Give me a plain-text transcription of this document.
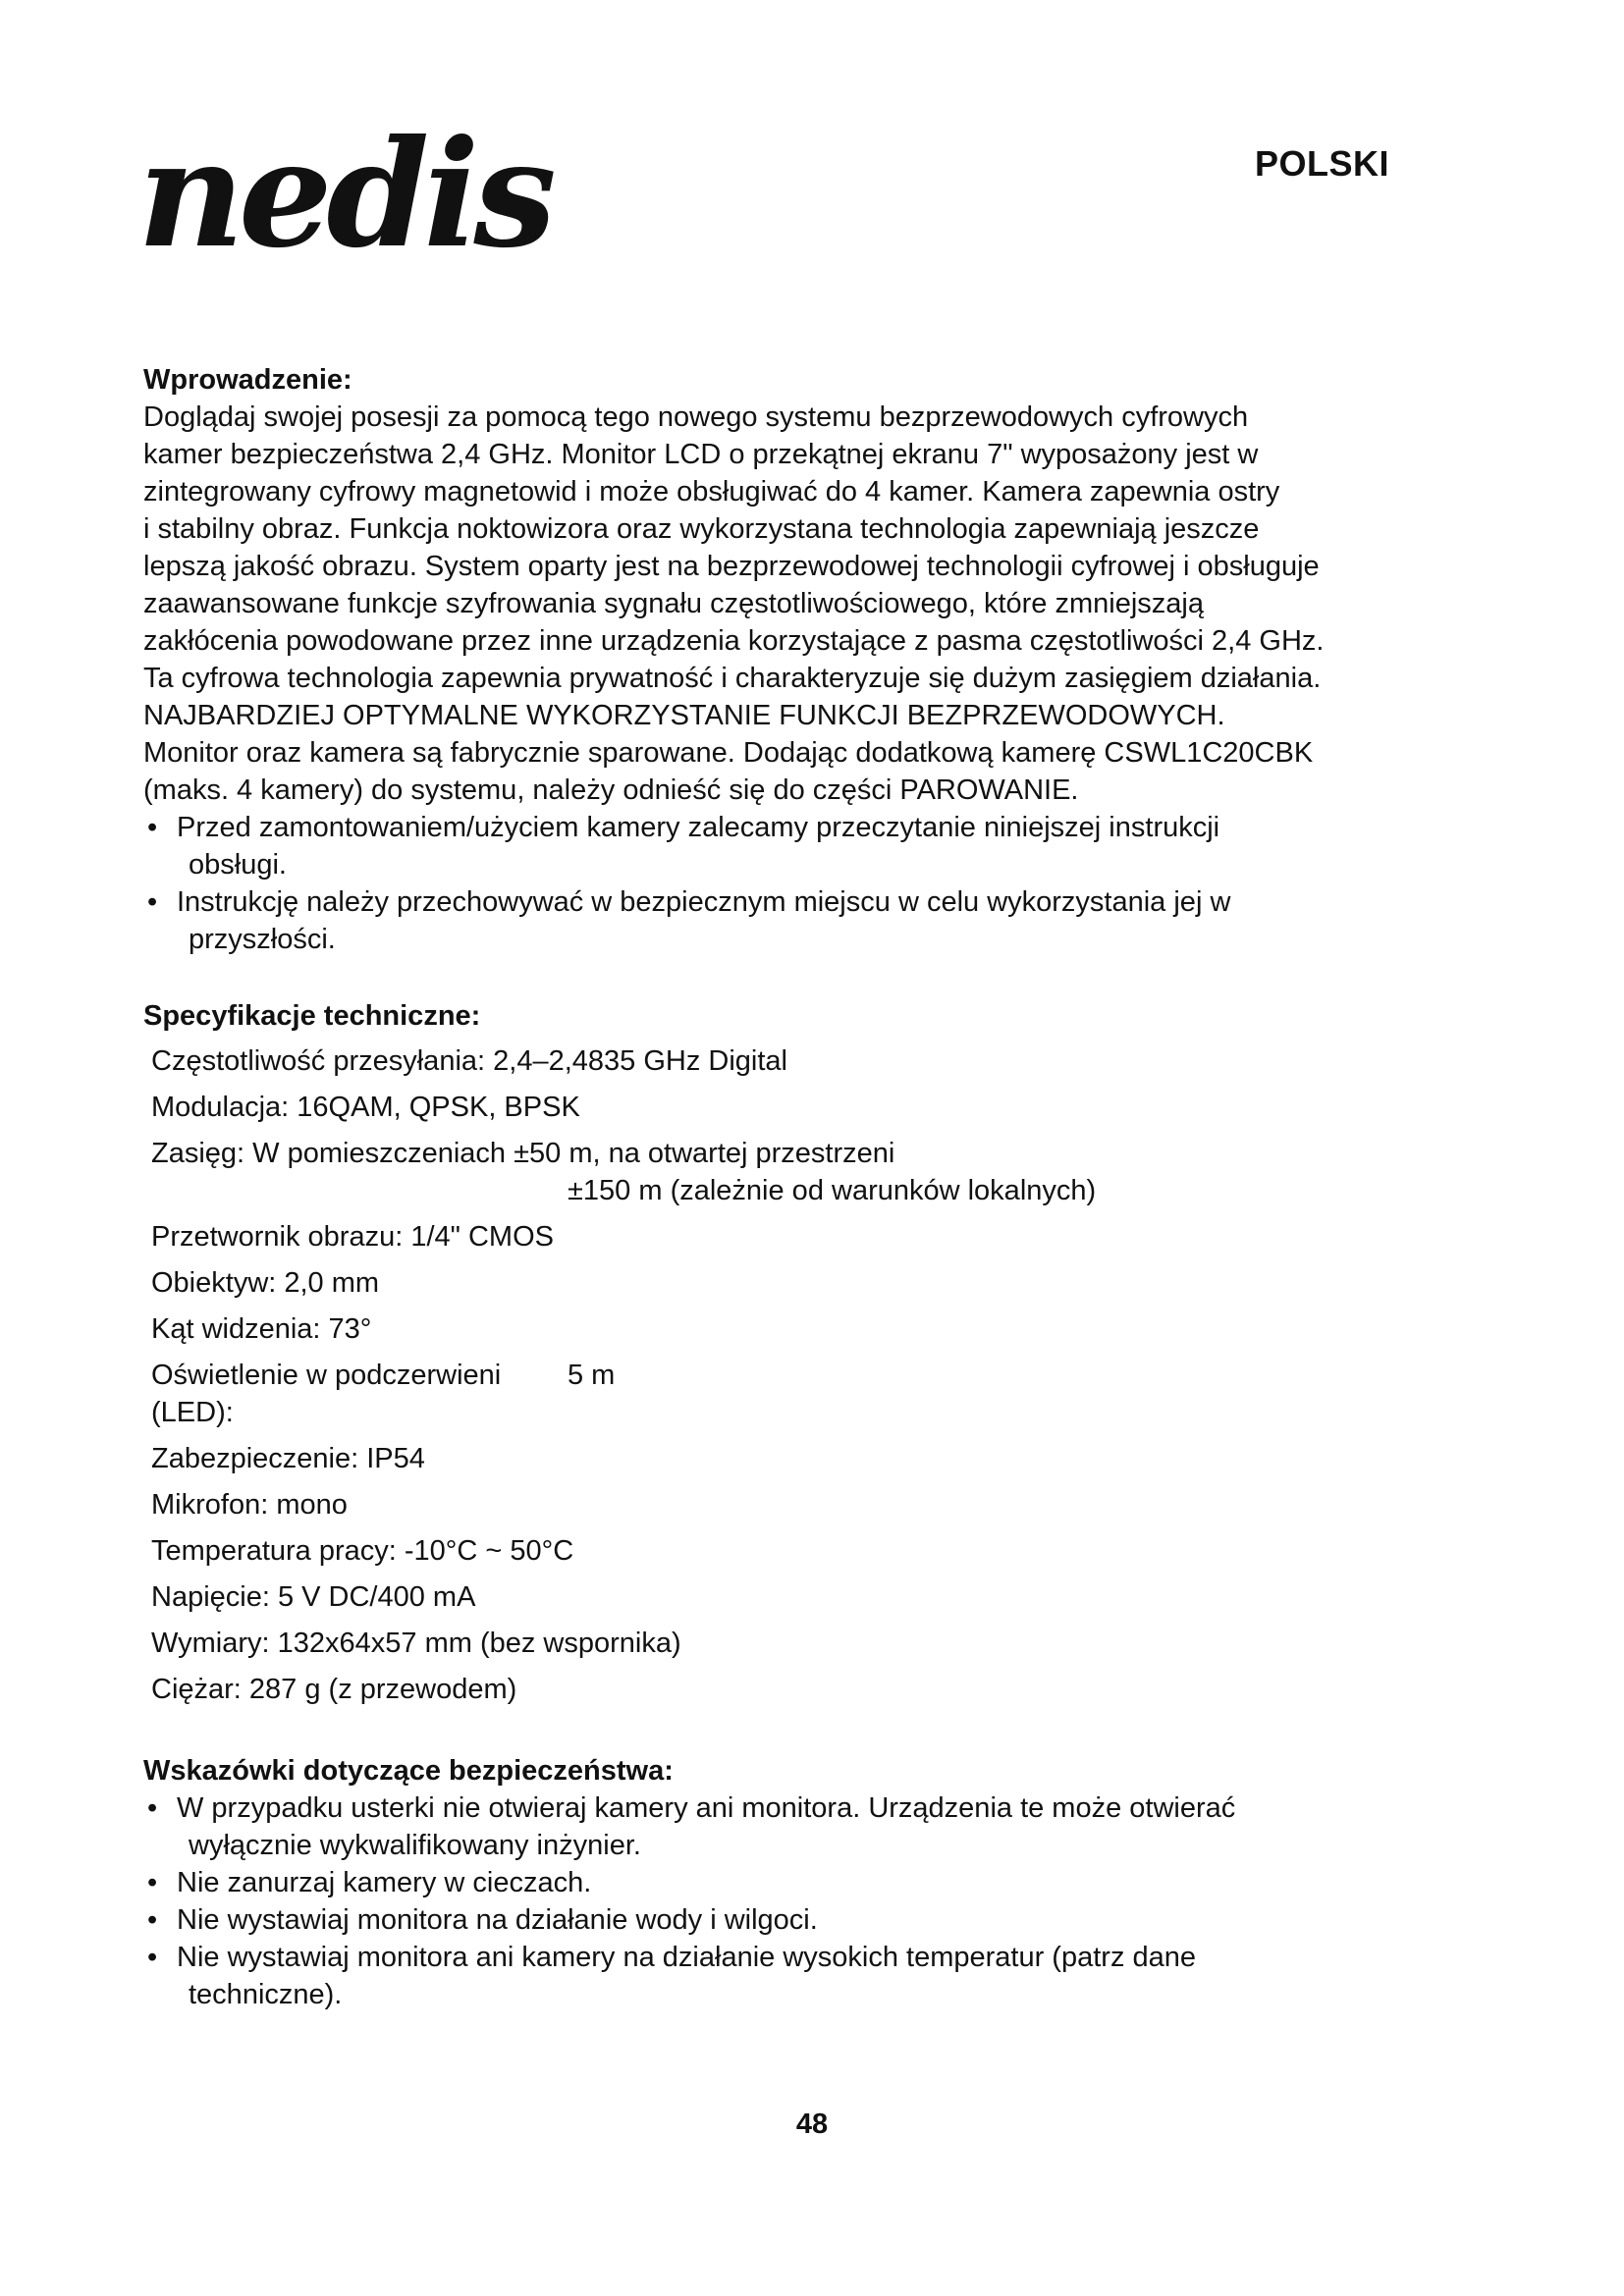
nedis	POLSKI
Wprowadzenie:

Doglądaj swojej posesji za pomocą tego nowego systemu bezprzewodowych cyfrowych

kamer bezpieczeństwa 2,4 GHz. Monitor LCD o przekątnej ekranu 7" wyposażony jest w

zintegrowany cyfrowy magnetowid i może obsługiwać do 4 kamer. Kamera zapewnia ostry

i stabilny obraz. Funkcja noktowizora oraz wykorzystana technologia zapewniają jeszcze

lepszą jakość obrazu. System oparty jest na bezprzewodowej technologii cyfrowej i obsługuje

zaawansowane funkcje szyfrowania sygnału częstotliwościowego, które zmniejszają

zakłócenia powodowane przez inne urządzenia korzystające z pasma częstotliwości 2,4 GHz.

Ta cyfrowa technologia zapewnia prywatność i charakteryzuje się dużym zasięgiem działania.

NAJBARDZIEJ OPTYMALNE WYKORZYSTANIE FUNKCJI BEZPRZEWODOWYCH.

Monitor oraz kamera są fabrycznie sparowane. Dodając dodatkową kamerę CSWL1C20CBK

(maks. 4 kamery) do systemu, należy odnieść się do części PAROWANIE.

• Przed zamontowaniem/użyciem kamery zalecamy przeczytanie niniejszej instrukcji
obsługi.
• Instrukcję należy przechowywać w bezpiecznym miejscu w celu wykorzystania jej w
przyszłości.
Specyfikacje techniczne:
Częstotliwość przesyłania: 2,4–2,4835 GHz Digital
Modulacja: 16QAM, QPSK, BPSK
Zasięg: W pomieszczeniach ±50 m, na otwartej przestrzeni
±150 m (zależnie od warunków lokalnych)
Przetwornik obrazu: 1/4" CMOS
Obiektyw: 2,0 mm
Kąt widzenia: 73°
Oświetlenie w podczerwieni
(LED):
5 m
Zabezpieczenie: IP54
Mikrofon: mono
Temperatura pracy: -10°C ~ 50°C
Napięcie: 5 V DC/400 mA
Wymiary: 132x64x57 mm (bez wspornika)
Ciężar: 287 g (z przewodem)
Wskazówki dotyczące bezpieczeństwa:
• W przypadku usterki nie otwieraj kamery ani monitora. Urządzenia te może otwierać
wyłącznie wykwalifikowany inżynier.
• Nie zanurzaj kamery w cieczach.
• Nie wystawiaj monitora na działanie wody i wilgoci.
• Nie wystawiaj monitora ani kamery na działanie wysokich temperatur (patrz dane
techniczne).
48
